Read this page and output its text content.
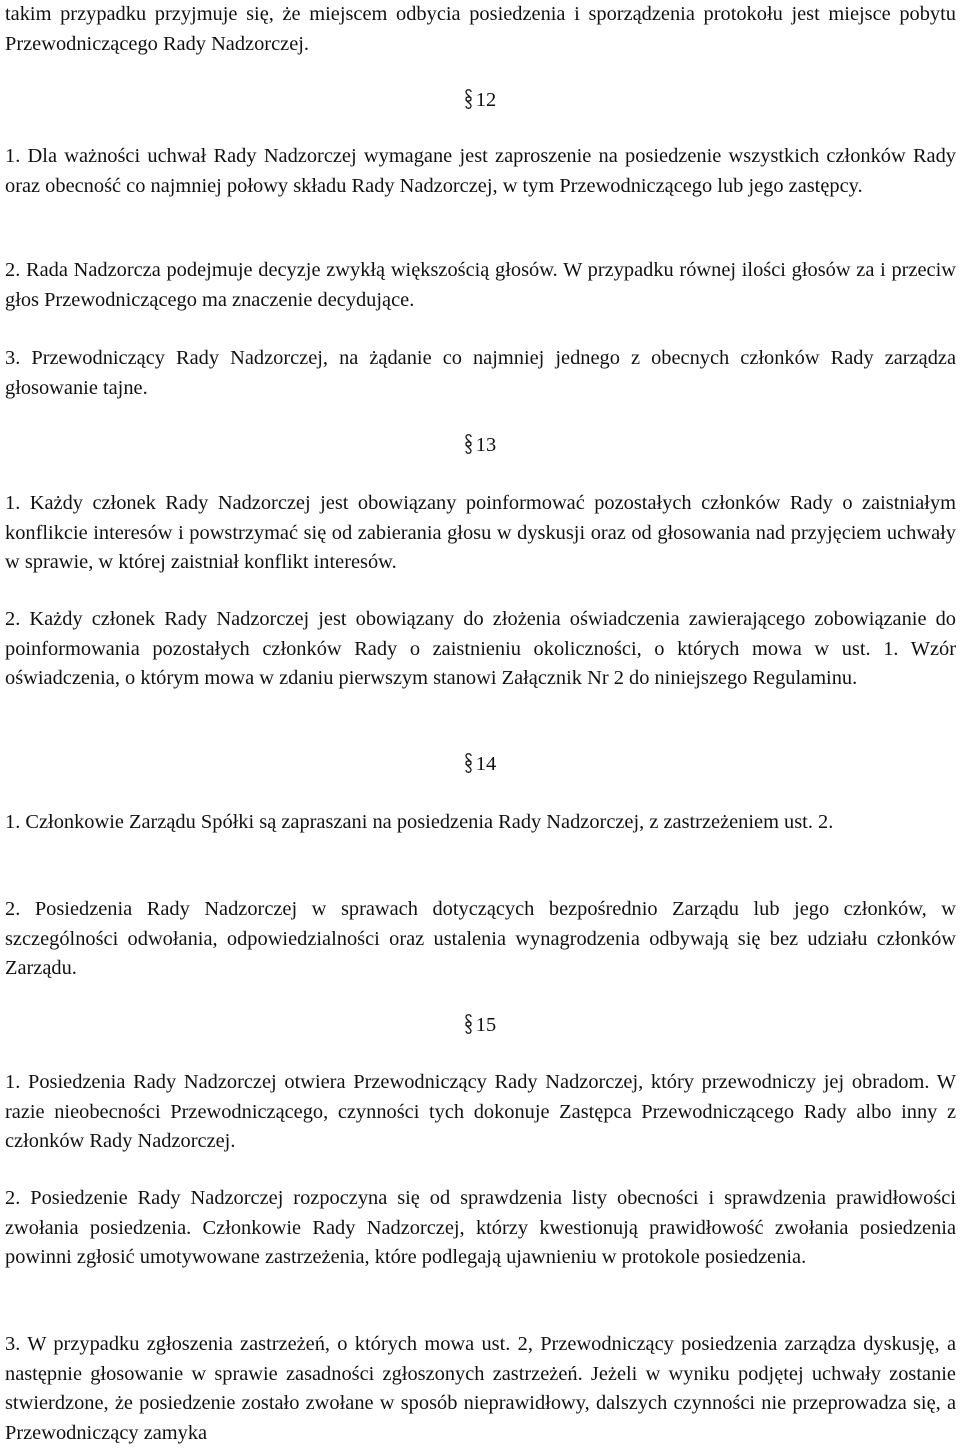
takim przypadku przyjmuje się, że miejscem odbycia posiedzenia i sporządzenia protokołu jest miejsce pobytu Przewodniczącego Rady Nadzorczej.

12

1. Dla ważności uchwał Rady Nadzorczej wymagane jest zaproszenie na posiedzenie wszystkich członków Rady oraz obecność co najmniej połowy składu Rady Nadzorczej, w tym Przewodniczącego lub jego zastępcy.

2. Rada Nadzorcza podejmuje decyzje zwykłą większością głosów. W przypadku równej ilości głosów za i przeciw głos Przewodniczącego ma znaczenie decydujące.

3. Przewodniczący Rady Nadzorczej, na żądanie co najmniej jednego z obecnych członków Rady zarządza głosowanie tajne.

13

1. Każdy członek Rady Nadzorczej jest obowiązany poinformować pozostałych członków Rady o zaistniałym konflikcie interesów i powstrzymać się od zabierania głosu w dyskusji oraz od głosowania nad przyjęciem uchwały w sprawie, w której zaistniał konflikt interesów.

2. Każdy członek Rady Nadzorczej jest obowiązany do złożenia oświadczenia zawierającego zobowiązanie do poinformowania pozostałych członków Rady o zaistnieniu okoliczności, o których mowa w ust. 1. Wzór oświadczenia, o którym mowa w zdaniu pierwszym stanowi Załącznik Nr 2 do niniejszego Regulaminu.

14

1. Członkowie Zarządu Spółki są zapraszani na posiedzenia Rady Nadzorczej, z zastrzeżeniem ust. 2.

2. Posiedzenia Rady Nadzorczej w sprawach dotyczących bezpośrednio Zarządu lub jego członków, w szczególności odwołania, odpowiedzialności oraz ustalenia wynagrodzenia odbywają się bez udziału członków Zarządu.

15

1. Posiedzenia Rady Nadzorczej otwiera Przewodniczący Rady Nadzorczej, który przewodniczy jej obradom. W razie nieobecności Przewodniczącego, czynności tych dokonuje Zastępca Przewodniczącego Rady albo inny z członków Rady Nadzorczej.

2. Posiedzenie Rady Nadzorczej rozpoczyna się od sprawdzenia listy obecności i sprawdzenia prawidłowości zwołania posiedzenia. Członkowie Rady Nadzorczej, którzy kwestionują prawidłowość zwołania posiedzenia powinni zgłosić umotywowane zastrzeżenia, które podlegają ujawnieniu w protokole posiedzenia.

3. W przypadku zgłoszenia zastrzeżeń, o których mowa ust. 2, Przewodniczący posiedzenia zarządza dyskusję, a następnie głosowanie w sprawie zasadności zgłoszonych zastrzeżeń. Jeżeli w wyniku podjętej uchwały zostanie stwierdzone, że posiedzenie zostało zwołane w sposób nieprawidłowy, dalszych czynności nie przeprowadza się, a Przewodniczący zamyka
